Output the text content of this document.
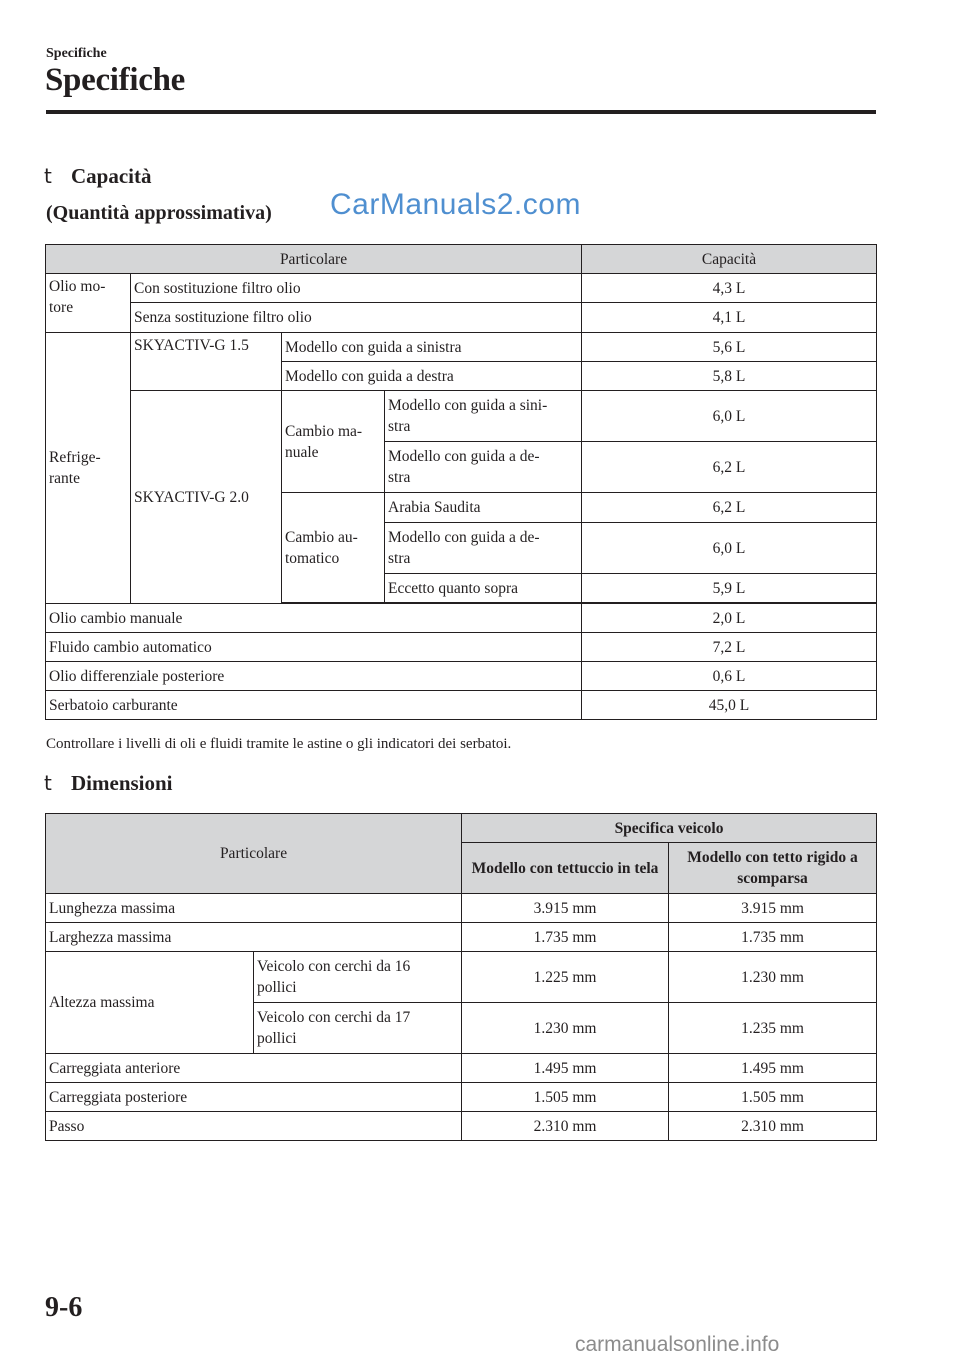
Specifiche
Specifiche
t Capacità
(Quantità approssimativa) CarManuals2.com
Particolare				Capacità
Olio mo-
tore	Con sostituzione filtro olio			4,3 L
	Senza sostituzione filtro olio			4,1 L
Refrige-
rante	SKYACTIV-G 1.5	Modello con guida a sinistra		5,6 L
		Modello con guida a destra		5,8 L
	SKYACTIV-G 2.0	Cambio ma-
nuale	Modello con guida a sini-
stra	6,0 L
			Modello con guida a de-
stra	6,2 L
		Cambio au-
tomatico	Arabia Saudita	6,2 L
			Modello con guida a de-
stra	6,0 L
			Eccetto quanto sopra	5,9 L

Olio cambio manuale				2,0 L
Fluido cambio automatico				7,2 L
Olio differenziale posteriore				0,6 L
Serbatoio carburante				45,0 L
Controllare i livelli di oli e fluidi tramite le astine o gli indicatori dei serbatoi.
t Dimensioni
Particolare		Specifica veicolo	
		Modello con tettuccio in tela	Modello con tetto rigido a scomparsa
Lunghezza massima		3.915 mm	3.915 mm
Larghezza massima		1.735 mm	1.735 mm
Altezza massima	Veicolo con cerchi da 16
pollici	1.225 mm	1.230 mm
	Veicolo con cerchi da 17
pollici	1.230 mm	1.235 mm
Carreggiata anteriore		1.495 mm	1.495 mm
Carreggiata posteriore		1.505 mm	1.505 mm
Passo		2.310 mm	2.310 mm
9-6
carmanualsonline.info
